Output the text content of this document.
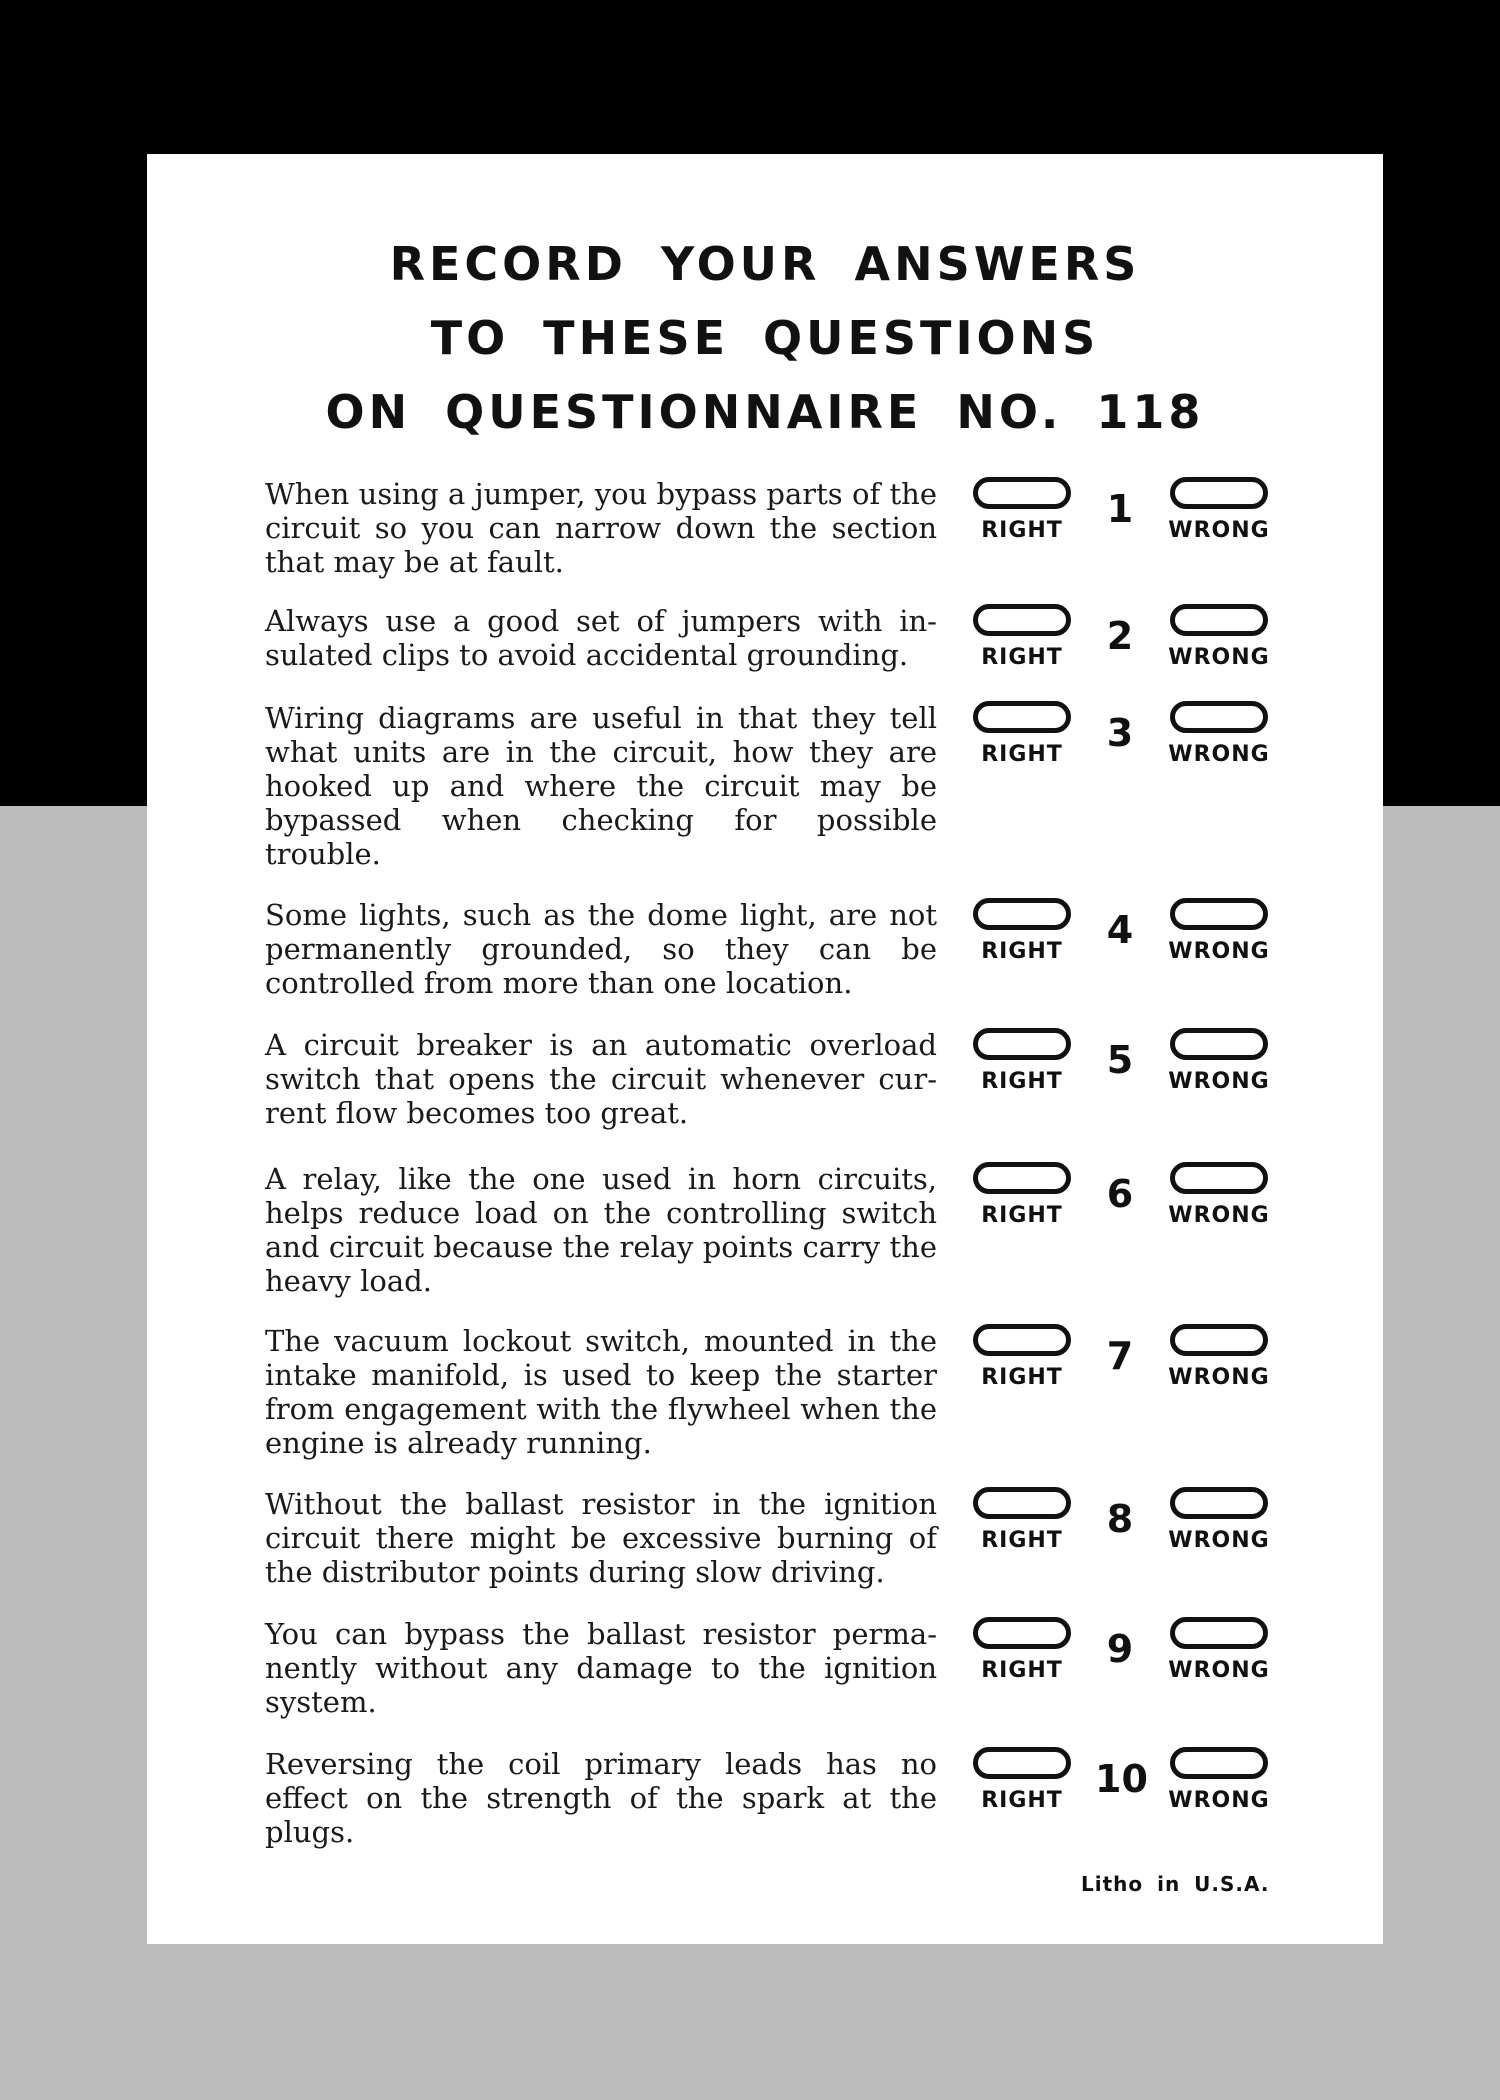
RECORD YOUR ANSWERS
TO THESE QUESTIONS
ON QUESTIONNAIRE NO. 118
When using a jumper, you bypass parts of the circuit so you can narrow down the section that may be at fault.
RIGHT	1	WRONG
Always use a good set of jumpers with in-sulated clips to avoid accidental grounding.	RIGHT	2	WRONG
Wiring diagrams are useful in that they tell what units are in the circuit, how they are hooked up and where the circuit may be bypassed when checking for possible trouble.
RIGHT	3	WRONG
Some lights, such as the dome light, are not permanently grounded, so they can be controlled from more than one location.
RIGHT	4	WRONG
A circuit breaker is an automatic overload switch that opens the circuit whenever cur-rent flow becomes too great.
RIGHT	5	WRONG
A relay, like the one used in horn circuits, helps reduce load on the controlling switch and circuit because the relay points carry the heavy load.
RIGHT	6	WRONG
The vacuum lockout switch, mounted in the intake manifold, is used to keep the starter from engagement with the flywheel when the engine is already running.
RIGHT	7	WRONG
Without the ballast resistor in the ignition circuit there might be excessive burning of the distributor points during slow driving.
RIGHT	8	WRONG
You can bypass the ballast resistor perma-nently without any damage to the ignition system.
RIGHT	9	WRONG
Reversing the coil primary leads has no effect on the strength of the spark at the plugs.
RIGHT 10 WRONG
Litho in U.S.A.
